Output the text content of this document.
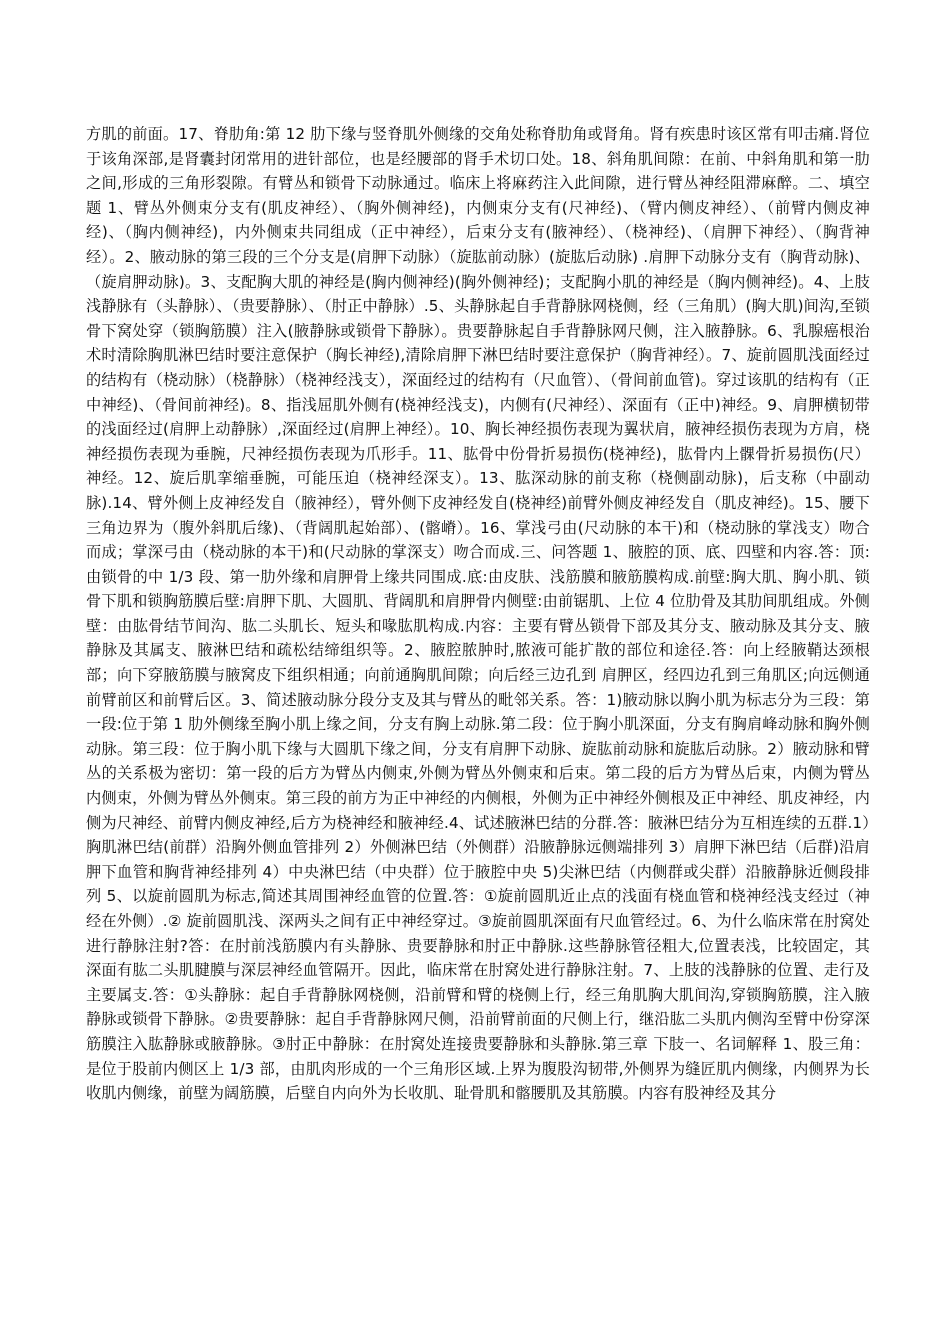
方肌的前面。17、脊肋角:第 12 肋下缘与竖脊肌外侧缘的交角处称脊肋角或肾角。肾有疾患时该区常有叩击痛.肾位于该角深部,是肾囊封闭常用的进针部位，也是经腰部的肾手术切口处。18、斜角肌间隙：在前、中斜角肌和第一肋之间,形成的三角形裂隙。有臂丛和锁骨下动脉通过。临床上将麻药注入此间隙，进行臂丛神经阻滞麻醉。二、填空题 1、臂丛外侧束分支有(肌皮神经）、（胸外侧神经)，内侧束分支有(尺神经)、（臂内侧皮神经）、（前臂内侧皮神经)、（胸内侧神经)，内外侧束共同组成（正中神经），后束分支有(腋神经）、（桡神经)、（肩胛下神经）、（胸背神经）。2、腋动脉的第三段的三个分支是(肩胛下动脉）（旋肱前动脉）(旋肱后动脉) .肩胛下动脉分支有（胸背动脉)、（旋肩胛动脉)。3、支配胸大肌的神经是(胸内侧神经)(胸外侧神经)；支配胸小肌的神经是（胸内侧神经)。4、上肢浅静脉有（头静脉）、（贵要静脉）、（肘正中静脉）.5、头静脉起自手背静脉网桡侧，经（三角肌）(胸大肌)间沟,至锁骨下窝处穿（锁胸筋膜）注入(腋静脉或锁骨下静脉）。贵要静脉起自手背静脉网尺侧，注入腋静脉。6、乳腺癌根治术时清除胸肌淋巴结时要注意保护（胸长神经),清除肩胛下淋巴结时要注意保护（胸背神经）。7、旋前圆肌浅面经过的结构有（桡动脉）（桡静脉）（桡神经浅支），深面经过的结构有（尺血管）、（骨间前血管)。穿过该肌的结构有（正中神经)、（骨间前神经)。8、指浅屈肌外侧有(桡神经浅支)，内侧有(尺神经）、深面有（正中)神经。9、肩胛横韧带的浅面经过(肩胛上动静脉）,深面经过(肩胛上神经）。10、胸长神经损伤表现为翼状肩，腋神经损伤表现为方肩，桡神经损伤表现为垂腕，尺神经损伤表现为爪形手。11、肱骨中份骨折易损伤(桡神经)，肱骨内上髁骨折易损伤(尺）神经。12、旋后肌挛缩垂腕，可能压迫（桡神经深支）。13、肱深动脉的前支称（桡侧副动脉)，后支称（中副动脉).14、臂外侧上皮神经发自（腋神经），臂外侧下皮神经发自(桡神经)前臂外侧皮神经发自（肌皮神经)。15、腰下三角边界为（腹外斜肌后缘)、（背阔肌起始部）、(髂嵴）。16、掌浅弓由(尺动脉的本干)和（桡动脉的掌浅支）吻合而成；掌深弓由（桡动脉的本干)和(尺动脉的掌深支）吻合而成.三、问答题 1、腋腔的顶、底、四壁和内容.答：顶:由锁骨的中 1/3 段、第一肋外缘和肩胛骨上缘共同围成.底:由皮肤、浅筋膜和腋筋膜构成.前壁:胸大肌、胸小肌、锁骨下肌和锁胸筋膜后壁:肩胛下肌、大圆肌、背阔肌和肩胛骨内侧壁:由前锯肌、上位 4 位肋骨及其肋间肌组成。外侧壁：由肱骨结节间沟、肱二头肌长、短头和喙肱肌构成.内容：主要有臂丛锁骨下部及其分支、腋动脉及其分支、腋静脉及其属支、腋淋巴结和疏松结缔组织等。2、腋腔脓肿时,脓液可能扩散的部位和途径.答：向上经腋鞘达颈根部；向下穿腋筋膜与腋窝皮下组织相通；向前通胸肌间隙；向后经三边孔到 肩胛区，经四边孔到三角肌区;向远侧通前臂前区和前臂后区。3、简述腋动脉分段分支及其与臂丛的毗邻关系。答：1)腋动脉以胸小肌为标志分为三段：第一段:位于第 1 肋外侧缘至胸小肌上缘之间，分支有胸上动脉.第二段：位于胸小肌深面，分支有胸肩峰动脉和胸外侧动脉。第三段：位于胸小肌下缘与大圆肌下缘之间，分支有肩胛下动脉、旋肱前动脉和旋肱后动脉。2）腋动脉和臂丛的关系极为密切：第一段的后方为臂丛内侧束,外侧为臂丛外侧束和后束。第二段的后方为臂丛后束，内侧为臂丛内侧束，外侧为臂丛外侧束。第三段的前方为正中神经的内侧根，外侧为正中神经外侧根及正中神经、肌皮神经，内侧为尺神经、前臂内侧皮神经,后方为桡神经和腋神经.4、试述腋淋巴结的分群.答：腋淋巴结分为互相连续的五群.1）胸肌淋巴结(前群）沿胸外侧血管排列 2）外侧淋巴结（外侧群）沿腋静脉远侧端排列 3）肩胛下淋巴结（后群)沿肩胛下血管和胸背神经排列 4）中央淋巴结（中央群）位于腋腔中央 5)尖淋巴结（内侧群或尖群）沿腋静脉近侧段排列 5、以旋前圆肌为标志,简述其周围神经血管的位置.答：①旋前圆肌近止点的浅面有桡血管和桡神经浅支经过（神经在外侧）.② 旋前圆肌浅、深两头之间有正中神经穿过。③旋前圆肌深面有尺血管经过。6、为什么临床常在肘窝处进行静脉注射?答：在肘前浅筋膜内有头静脉、贵要静脉和肘正中静脉.这些静脉管径粗大,位置表浅，比较固定，其深面有肱二头肌腱膜与深层神经血管隔开。因此，临床常在肘窝处进行静脉注射。7、上肢的浅静脉的位置、走行及主要属支.答：①头静脉：起自手背静脉网桡侧，沿前臂和臂的桡侧上行，经三角肌胸大肌间沟,穿锁胸筋膜，注入腋静脉或锁骨下静脉。②贵要静脉：起自手背静脉网尺侧，沿前臂前面的尺侧上行，继沿肱二头肌内侧沟至臂中份穿深筋膜注入肱静脉或腋静脉。③肘正中静脉：在肘窝处连接贵要静脉和头静脉.第三章 下肢一、名词解释 1、股三角：是位于股前内侧区上 1/3 部，由肌肉形成的一个三角形区域.上界为腹股沟韧带,外侧界为缝匠肌内侧缘，内侧界为长收肌内侧缘，前壁为阔筋膜，后壁自内向外为长收肌、耻骨肌和髂腰肌及其筋膜。内容有股神经及其分
